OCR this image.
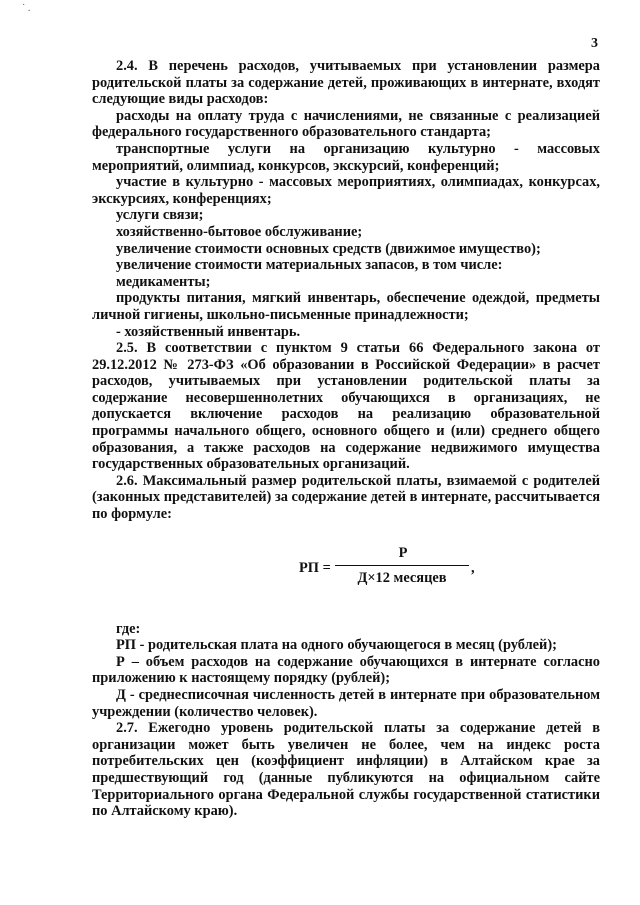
˙ .
3

2.4. В перечень расходов, учитываемых при установлении размера родительской платы за содержание детей, проживающих в интернате, входят следующие виды расходов:

расходы на оплату труда с начислениями, не связанные с реализацией федерального государственного образовательного стандарта;

транспортные услуги на организацию культурно - массовых мероприятий, олимпиад, конкурсов, экскурсий, конференций;

участие в культурно - массовых мероприятиях, олимпиадах, конкурсах, экскурсиях, конференциях;

услуги связи;

хозяйственно-бытовое обслуживание;

увеличение стоимости основных средств (движимое имущество);

увеличение стоимости материальных запасов, в том числе:

медикаменты;

продукты питания, мягкий инвентарь, обеспечение одеждой, предметы личной гигиены, школьно-письменные принадлежности;

- хозяйственный инвентарь.

2.5. В соответствии с пунктом 9 статьи 66 Федерального закона от 29.12.2012 № 273-ФЗ «Об образовании в Российской Федерации» в расчет расходов, учитываемых при установлении родительской платы за содержание несовершеннолетних обучающихся в организациях, не допускается включение расходов на реализацию образовательной программы начального общего, основного общего и (или) среднего общего образования, а также расходов на содержание недвижимого имущества государственных образовательных организаций.

2.6. Максимальный размер родительской платы, взимаемой с родителей (законных представителей) за содержание детей в интернате, рассчитывается по формуле:

РП =
Р
Д×12 месяцев
,

где:

РП - родительская плата на одного обучающегося в месяц (рублей);

Р – объем расходов на содержание обучающихся в интернате согласно приложению к настоящему порядку (рублей);

Д - среднесписочная численность детей в интернате при образовательном учреждении (количество человек).

2.7. Ежегодно уровень родительской платы за содержание детей в организации может быть увеличен не более, чем на индекс роста потребительских цен (коэффициент инфляции) в Алтайском крае за предшествующий год (данные публикуются на официальном сайте Территориального органа Федеральной службы государственной статистики по Алтайскому краю).
